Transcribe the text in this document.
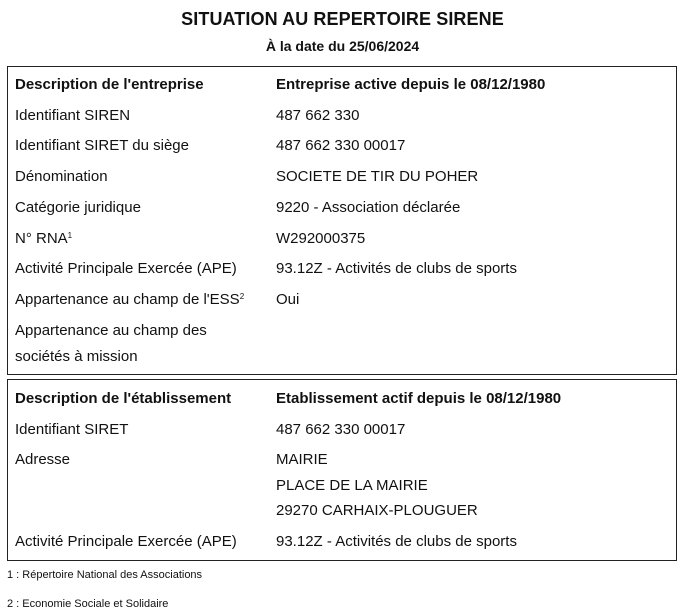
SITUATION AU REPERTOIRE SIRENE
À la date du 25/06/2024
Description de l'entreprise	Entreprise active depuis le 08/12/1980
Identifiant SIREN	487 662 330
Identifiant SIRET du siège	487 662 330 00017
Dénomination	SOCIETE DE TIR DU POHER
Catégorie juridique	9220 - Association déclarée
N° RNA$^1$	W292000375
Activité Principale Exercée (APE)	93.12Z - Activités de clubs de sports
Appartenance au champ de l'ESS$^2$	Oui
Appartenance au champ des
sociétés à mission
Description de l'établissement	Etablissement actif depuis le 08/12/1980
Identifiant SIRET	487 662 330 00017
Adresse	MAIRIE
PLACE DE LA MAIRIE
29270 CARHAIX-PLOUGUER
Activité Principale Exercée (APE)	93.12Z - Activités de clubs de sports
1 : Répertoire National des Associations
2 : Economie Sociale et Solidaire
